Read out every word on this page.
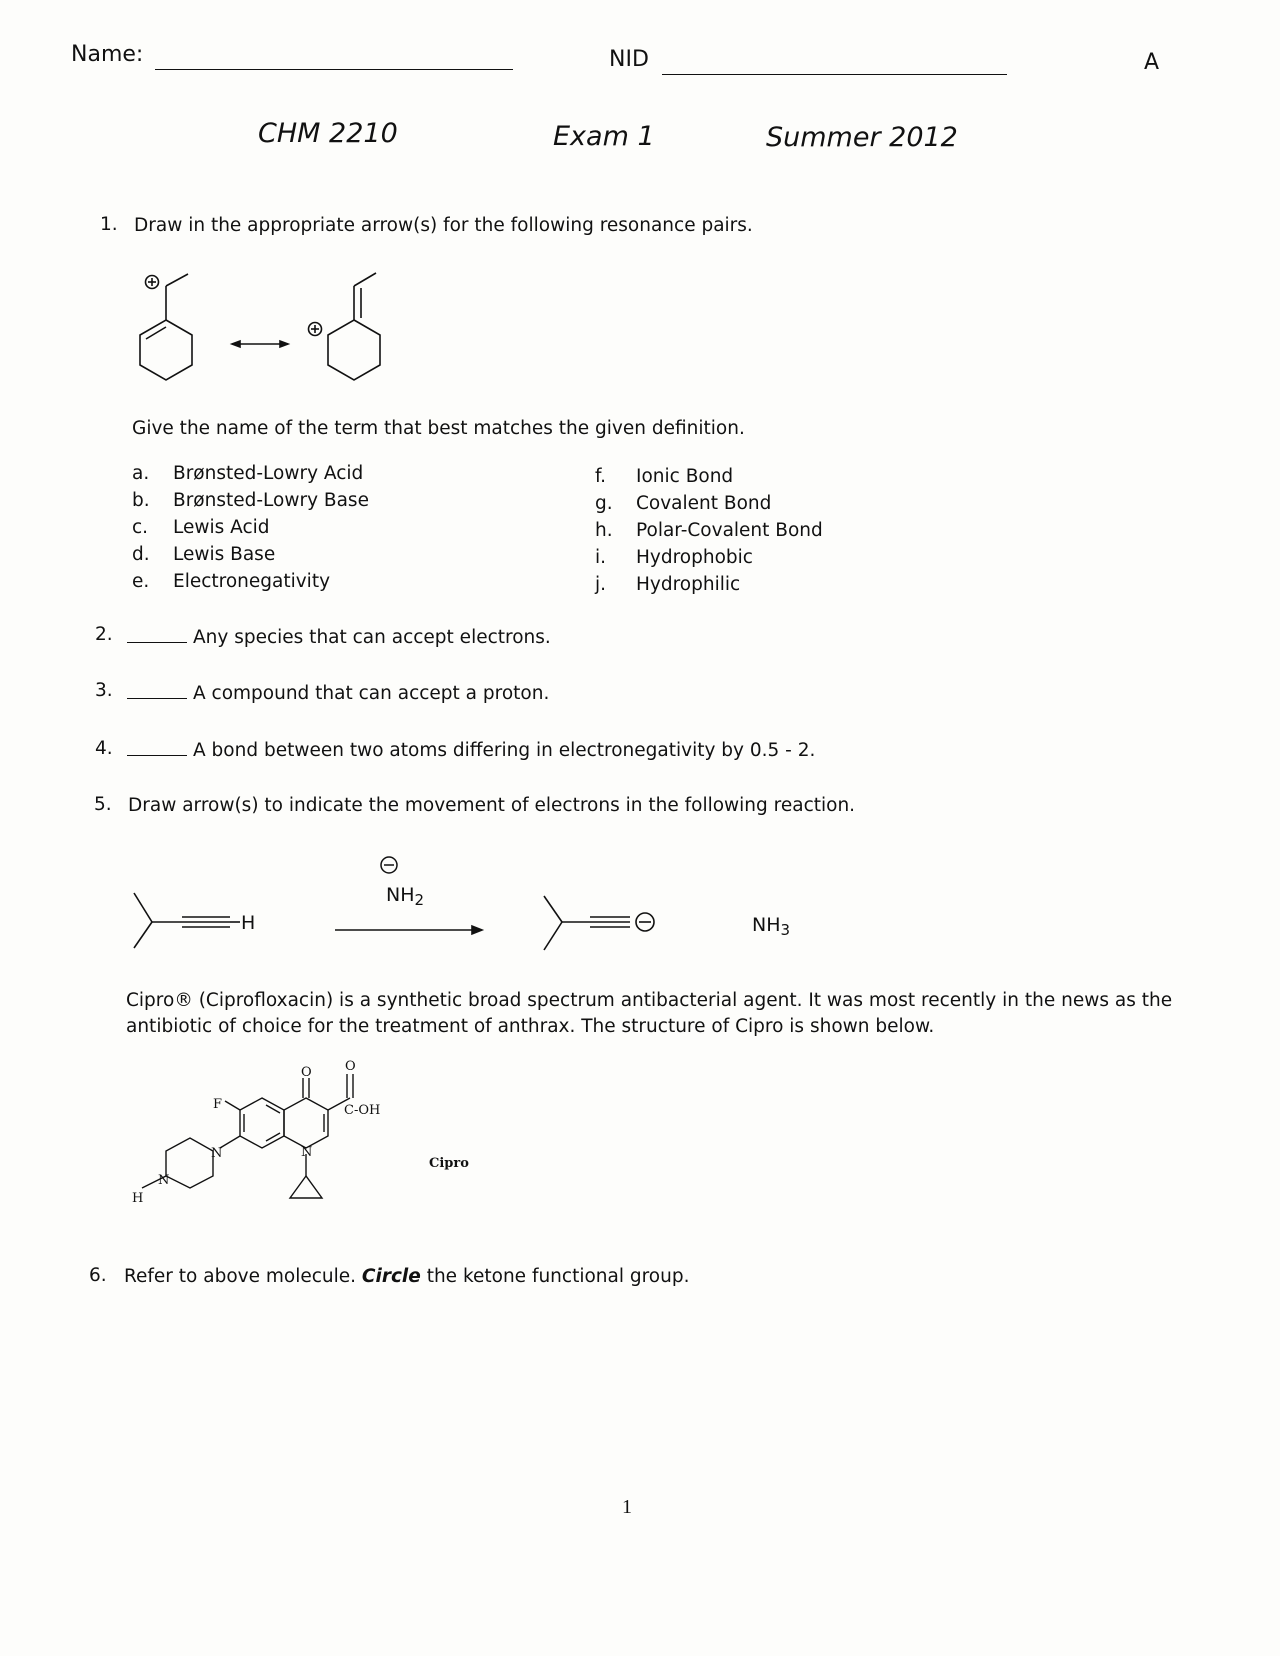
Name:	NID	A
CHM 2210	Exam 1	Summer 2012
1. Draw in the appropriate arrow(s) for the following resonance pairs.
Give the name of the term that best matches the given definition.
a. Brønsted-Lowry Acid
b. Brønsted-Lowry Base
c. Lewis Acid
d. Lewis Base
e. Electronegativity
f. Ionic Bond
g. Covalent Bond
h. Polar-Covalent Bond
i. Hydrophobic
j. Hydrophilic
2.	Any species that can accept electrons.
3.	A compound that can accept a proton.
4.	A bond between two atoms differing in electronegativity by 0.5 - 2.
5. Draw arrow(s) to indicate the movement of electrons in the following reaction.
H
$NH_2$
$NH_3$
Cipro® (Ciprofloxacin) is a synthetic broad spectrum antibacterial agent. It was most recently in the news as the antibiotic of choice for the treatment of anthrax. The structure of Cipro is shown below.
F
N
N
H
N
O	O
C-OH
Cipro
6. Refer to above molecule. Circle the ketone functional group.
1
